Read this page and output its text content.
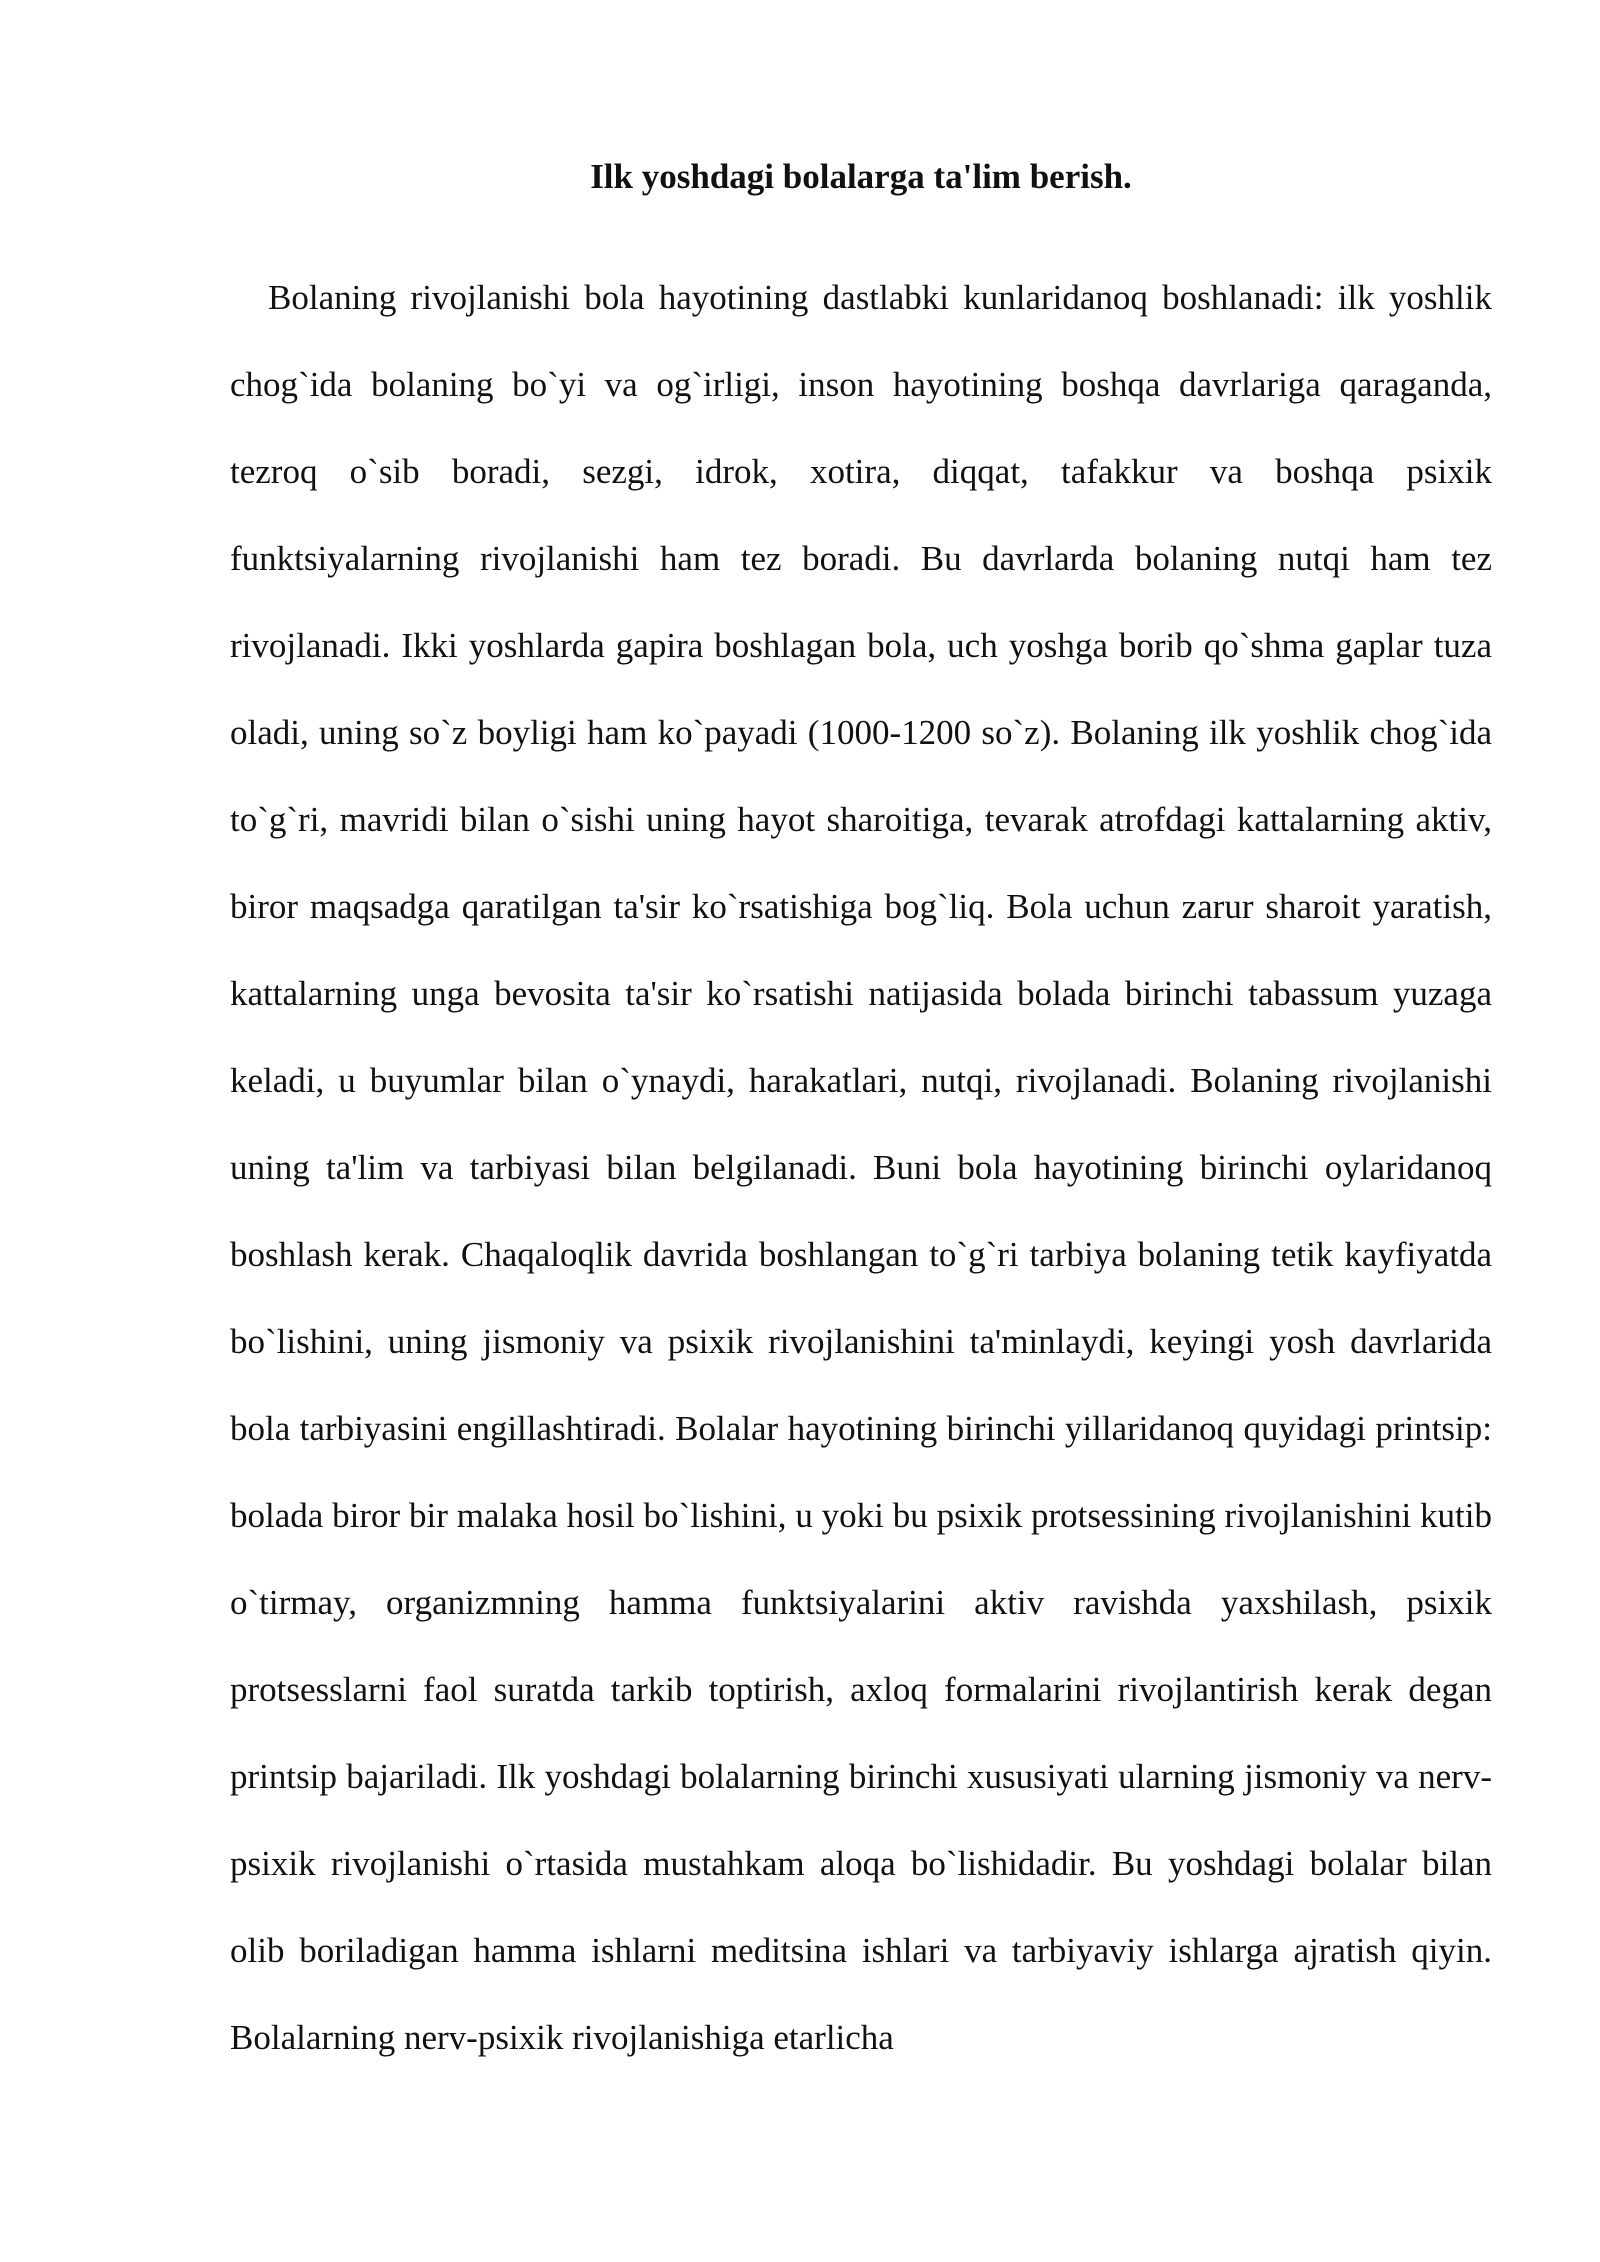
Ilk yoshdagi bolalarga ta'lim berish.

Bolaning rivojlanishi bola hayotining dastlabki kunlaridanoq boshlanadi: ilk yoshlik chog`ida bolaning bo`yi va og`irligi, inson hayotining boshqa davrlariga qaraganda, tezroq o`sib boradi, sezgi, idrok, xotira, diqqat, tafakkur va boshqa psixik funktsiyalarning rivojlanishi ham tez boradi. Bu davrlarda bolaning nutqi ham tez rivojlanadi. Ikki yoshlarda gapira boshlagan bola, uch yoshga borib qo`shma gaplar tuza oladi, uning so`z boyligi ham ko`payadi (1000-1200 so`z). Bolaning ilk yoshlik chog`ida to`g`ri, mavridi bilan o`sishi uning hayot sharoitiga, tevarak atrofdagi kattalarning aktiv, biror maqsadga qaratilgan ta'sir ko`rsatishiga bog`liq. Bola uchun zarur sharoit yaratish, kattalarning unga bevosita ta'sir ko`rsatishi natijasida bolada birinchi tabassum yuzaga keladi, u buyumlar bilan o`ynaydi, harakatlari, nutqi, rivojlanadi. Bolaning rivojlanishi uning ta'lim va tarbiyasi bilan belgilanadi. Buni bola hayotining birinchi oylaridanoq boshlash kerak. Chaqaloqlik davrida boshlangan to`g`ri tarbiya bolaning tetik kayfiyatda bo`lishini, uning jismoniy va psixik rivojlanishini ta'minlaydi, keyingi yosh davrlarida bola tarbiyasini engillashtiradi. Bolalar hayotining birinchi yillaridanoq quyidagi printsip: bolada biror bir malaka hosil bo`lishini, u yoki bu psixik protsessining rivojlanishini kutib o`tirmay, organizmning hamma funktsiyalarini aktiv ravishda yaxshilash, psixik protsesslarni faol suratda tarkib toptirish, axloq formalarini rivojlantirish kerak degan printsip bajariladi. Ilk yoshdagi bolalarning birinchi xususiyati ularning jismoniy va nerv-psixik rivojlanishi o`rtasida mustahkam aloqa bo`lishidadir. Bu yoshdagi bolalar bilan olib boriladigan hamma ishlarni meditsina ishlari va tarbiyaviy ishlarga ajratish qiyin. Bolalarning nerv-psixik rivojlanishiga etarlicha
